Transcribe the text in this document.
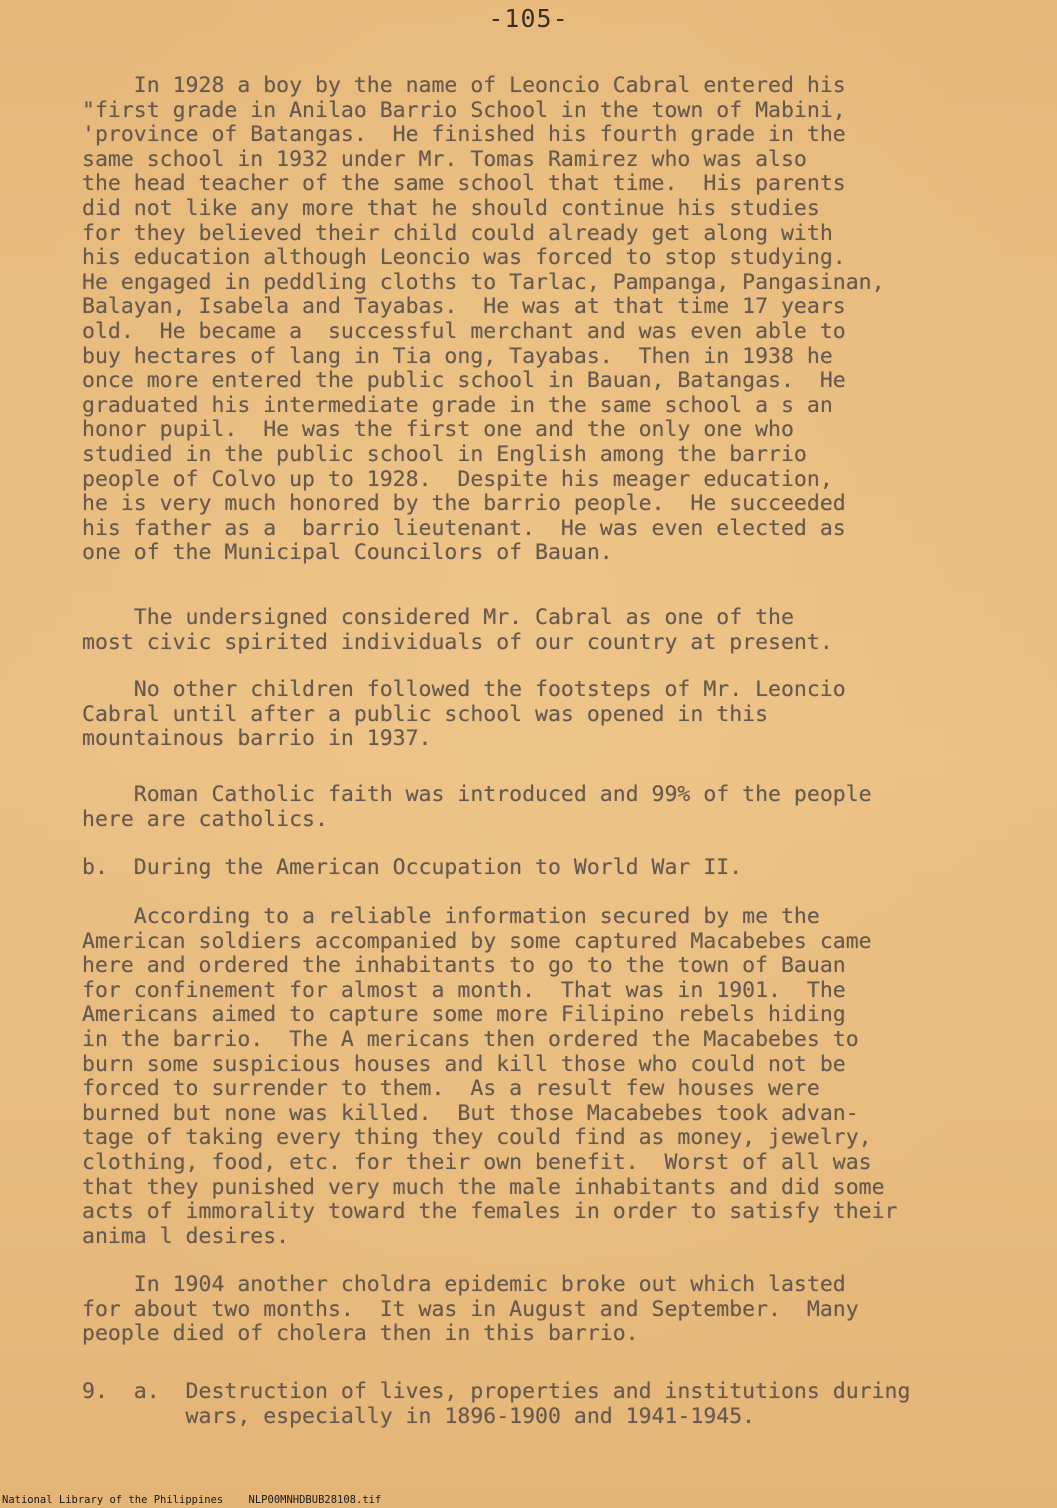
-105-

In 1928 a boy by the name of Leoncio Cabral entered his
"first grade in Anilao Barrio School in the town of Mabini,
'province of Batangas.  He finished his fourth grade in the
same school in 1932 under Mr. Tomas Ramirez who was also
the head teacher of the same school that time.  His parents
did not like any more that he should continue his studies
for they believed their child could already get along with
his education although Leoncio was forced to stop studying.
He engaged in peddling cloths to Tarlac, Pampanga, Pangasinan,
Balayan, Isabela and Tayabas.  He was at that time 17 years
old.  He became a  successful merchant and was even able to
buy hectares of lang in Tia ong, Tayabas.  Then in 1938 he
once more entered the public school in Bauan, Batangas.  He
graduated his intermediate grade in the same school a s an
honor pupil.  He was the first one and the only one who
studied in the public school in English among the barrio
people of Colvo up to 1928.  Despite his meager education,
he is very much honored by the barrio people.  He succeeded
his father as a  barrio lieutenant.  He was even elected as
one of the Municipal Councilors of Bauan.

The undersigned considered Mr. Cabral as one of the
most civic spirited individuals of our country at present.

No other children followed the footsteps of Mr. Leoncio
Cabral until after a public school was opened in this
mountainous barrio in 1937.

Roman Catholic faith was introduced and 99% of the people
here are catholics.

b.  During the American Occupation to World War II.

According to a reliable information secured by me the
American soldiers accompanied by some captured Macabebes came
here and ordered the inhabitants to go to the town of Bauan
for confinement for almost a month.  That was in 1901.  The
Americans aimed to capture some more Filipino rebels hiding
in the barrio.  The A mericans then ordered the Macabebes to
burn some suspicious houses and kill those who could not be
forced to surrender to them.  As a result few houses were
burned but none was killed.  But those Macabebes took advan-
tage of taking every thing they could find as money, jewelry,
clothing, food, etc. for their own benefit.  Worst of all was
that they punished very much the male inhabitants and did some
acts of immorality toward the females in order to satisfy their
anima l desires.

In 1904 another choldra epidemic broke out which lasted
for about two months.  It was in August and September.  Many
people died of cholera then in this barrio.

9.  a.  Destruction of lives, properties and institutions during
wars, especially in 1896-1900 and 1941-1945.

National Library of the Philippines    NLP00MNHDBUB28108.tif
